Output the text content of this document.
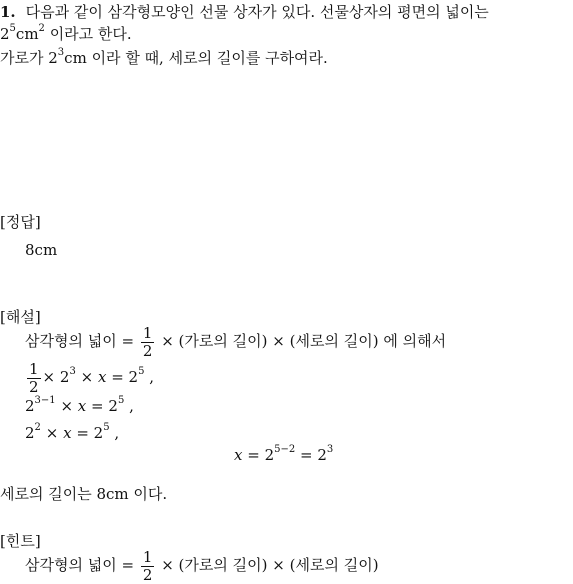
1. 다음과 같이 삼각형모양인 선물 상자가 있다. 선물상자의 평면의 넓이는
$2^5cm^2$ 이라고 한다.
가로가 $2^3cm$ 이라 할 때, 세로의 길이를 구하여라.
[정답]
8cm
[해설]
삼각형의 넓이 = $\frac{1}{2}$ × (가로의 길이) × (세로의 길이) 에 의해서
$\frac{1}{2} \times 2^3 \times x = 2^5$ ,
$2^{3-1} \times x = 2^5$ ,
$2^2 \times x = 2^5$ ,
$x = 2^{5-2} = 2^3$
세로의 길이는 8cm 이다.
[힌트]
삼각형의 넓이 = $\frac{1}{2}$ × (가로의 길이) × (세로의 길이)
